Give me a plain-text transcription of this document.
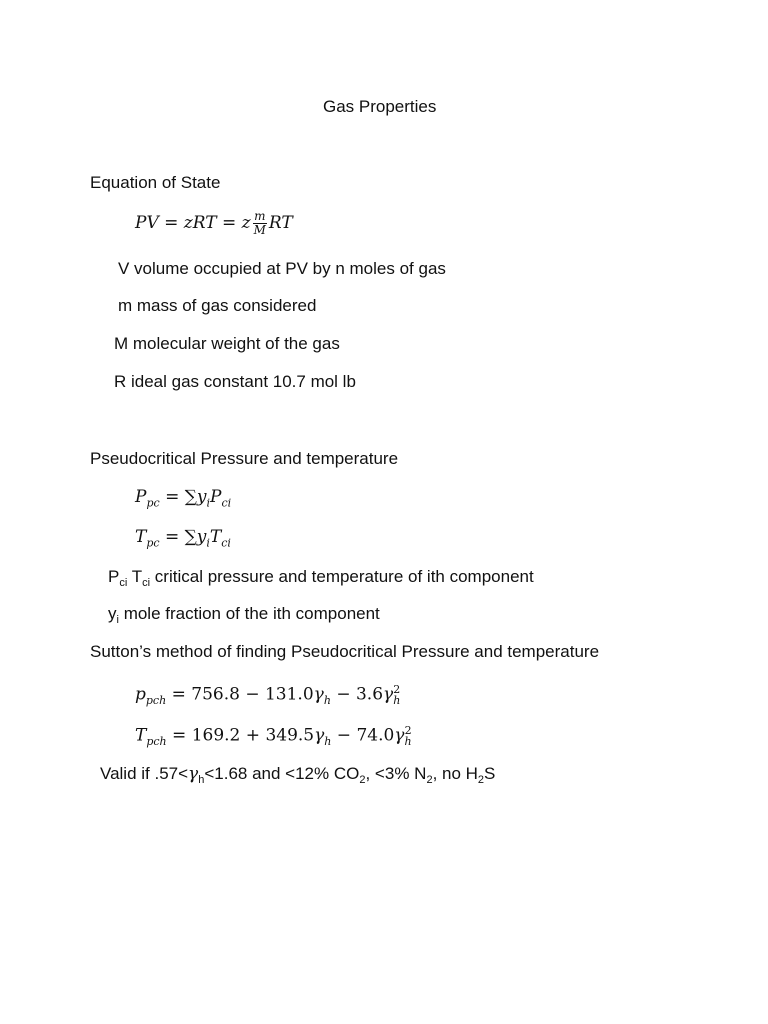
Gas Properties
Equation of State
PV = zRT = z $\frac{m}{M}$ RT
V volume occupied at PV by n moles of gas
m mass of gas considered
M molecular weight of the gas
R ideal gas constant 10.7 mol lb
Pseudocritical Pressure and temperature
$P_{pc} = \sum y_iP_{ci}$
$T_{pc} = \sum y_iT_{ci}$
$P_{ci}$ $T_{ci}$ critical pressure and temperature of ith component
$y_i$ mole fraction of the ith component
Sutton’s method of finding Pseudocritical Pressure and temperature
$p_{pch} = 756.8 - 131.0\gamma_h - 3.6\gamma_h^2$
$T_{pch} = 169.2 + 349.5\gamma_h - 74.0\gamma_h^2$
Valid if $.57<\gamma_h<1.68$ and <12% $CO_2$, <3% $N_2$, no $H_2S$
